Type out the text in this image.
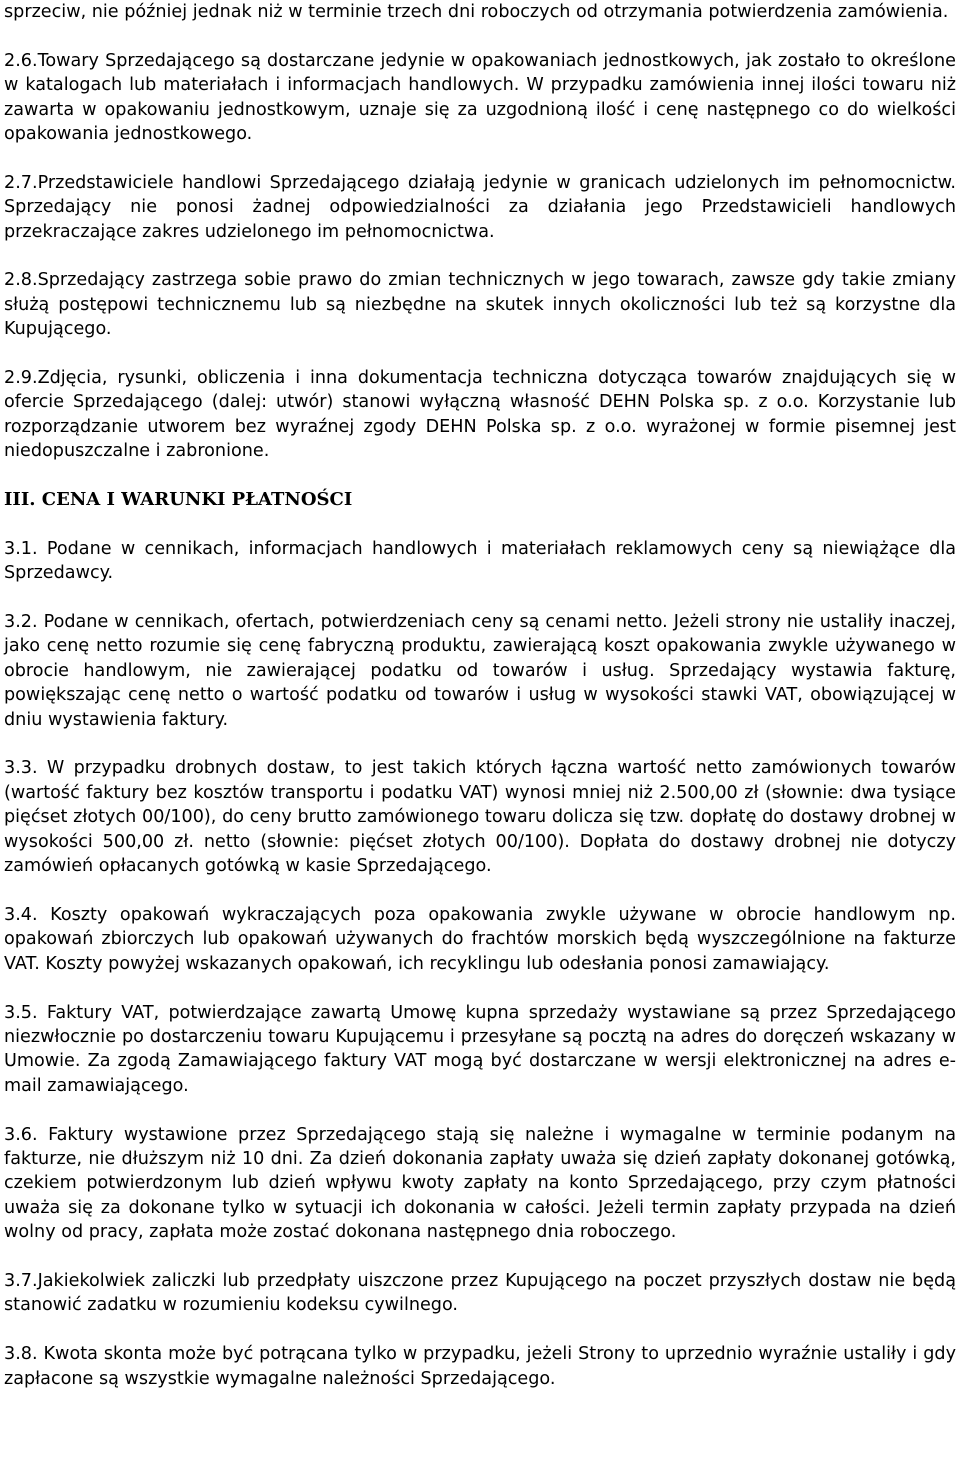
sprzeciw, nie później jednak niż w terminie trzech dni roboczych od otrzymania potwierdzenia zamówienia.

2.6.Towary Sprzedającego są dostarczane jedynie w opakowaniach jednostkowych, jak zostało to określone w katalogach lub materiałach i informacjach handlowych. W przypadku zamówienia innej ilości towaru niż zawarta w opakowaniu jednostkowym, uznaje się za uzgodnioną ilość i cenę następnego co do wielkości opakowania jednostkowego.

2.7.Przedstawiciele handlowi Sprzedającego działają jedynie w granicach udzielonych im pełnomocnictw. Sprzedający nie ponosi żadnej odpowiedzialności za działania jego Przedstawicieli handlowych przekraczające zakres udzielonego im pełnomocnictwa.

2.8.Sprzedający zastrzega sobie prawo do zmian technicznych w jego towarach, zawsze gdy takie zmiany służą postępowi technicznemu lub są niezbędne na skutek innych okoliczności lub też są korzystne dla Kupującego.

2.9.Zdjęcia, rysunki, obliczenia i inna dokumentacja techniczna dotycząca towarów znajdujących się w ofercie Sprzedającego (dalej: utwór) stanowi wyłączną własność DEHN Polska sp. z o.o. Korzystanie lub rozporządzanie utworem bez wyraźnej zgody DEHN Polska sp. z o.o. wyrażonej w formie pisemnej jest niedopuszczalne i zabronione.

III. CENA I WARUNKI PŁATNOŚCI

3.1. Podane w cennikach, informacjach handlowych i materiałach reklamowych ceny są niewiążące dla Sprzedawcy.

3.2. Podane w cennikach, ofertach, potwierdzeniach ceny są cenami netto. Jeżeli strony nie ustaliły inaczej, jako cenę netto rozumie się cenę fabryczną produktu, zawierającą koszt opakowania zwykle używanego w obrocie handlowym, nie zawierającej podatku od towarów i usług. Sprzedający wystawia fakturę, powiększając cenę netto o wartość podatku od towarów i usług w wysokości stawki VAT, obowiązującej w dniu wystawienia faktury.

3.3. W przypadku drobnych dostaw, to jest takich których łączna wartość netto zamówionych towarów (wartość faktury bez kosztów transportu i podatku VAT) wynosi mniej niż 2.500,00 zł (słownie: dwa tysiące pięćset złotych 00/100), do ceny brutto zamówionego towaru dolicza się tzw. dopłatę do dostawy drobnej w wysokości 500,00 zł. netto (słownie: pięćset złotych 00/100). Dopłata do dostawy drobnej nie dotyczy zamówień opłacanych gotówką w kasie Sprzedającego.

3.4. Koszty opakowań wykraczających poza opakowania zwykle używane w obrocie handlowym np. opakowań zbiorczych lub opakowań używanych do frachtów morskich będą wyszczególnione na fakturze VAT. Koszty powyżej wskazanych opakowań, ich recyklingu lub odesłania ponosi zamawiający.

3.5. Faktury VAT, potwierdzające zawartą Umowę kupna sprzedaży wystawiane są przez Sprzedającego niezwłocznie po dostarczeniu towaru Kupującemu i przesyłane są pocztą na adres do doręczeń wskazany w Umowie. Za zgodą Zamawiającego faktury VAT mogą być dostarczane w wersji elektronicznej na adres e-mail zamawiającego.

3.6. Faktury wystawione przez Sprzedającego stają się należne i wymagalne w terminie podanym na fakturze, nie dłuższym niż 10 dni. Za dzień dokonania zapłaty uważa się dzień zapłaty dokonanej gotówką, czekiem potwierdzonym lub dzień wpływu kwoty zapłaty na konto Sprzedającego, przy czym płatności uważa się za dokonane tylko w sytuacji ich dokonania w całości. Jeżeli termin zapłaty przypada na dzień wolny od pracy, zapłata może zostać dokonana następnego dnia roboczego.

3.7.Jakiekolwiek zaliczki lub przedpłaty uiszczone przez Kupującego na poczet przyszłych dostaw nie będą stanowić zadatku w rozumieniu kodeksu cywilnego.

3.8. Kwota skonta może być potrącana tylko w przypadku, jeżeli Strony to uprzednio wyraźnie ustaliły i gdy zapłacone są wszystkie wymagalne należności Sprzedającego.
